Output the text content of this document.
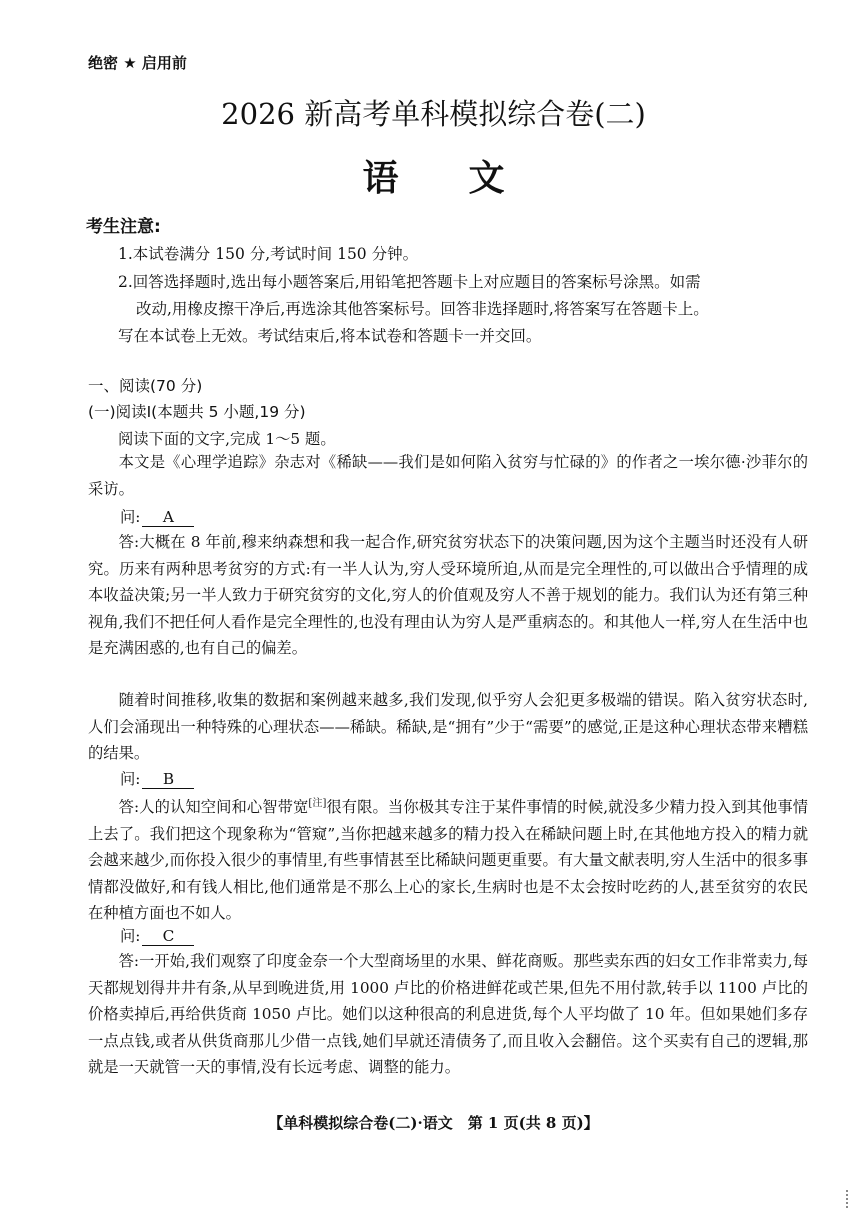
绝密 ★ 启用前
2026 新高考单科模拟综合卷(二)
语文
考生注意:
1.本试卷满分 150 分,考试时间 150 分钟。
2.回答选择题时,选出每小题答案后,用铅笔把答题卡上对应题目的答案标号涂黑。如需
改动,用橡皮擦干净后,再选涂其他答案标号。回答非选择题时,将答案写在答题卡上。
写在本试卷上无效。考试结束后,将本试卷和答题卡一并交回。
一、阅读(70 分)
(一)阅读Ⅰ(本题共 5 小题,19 分)
阅读下面的文字,完成 1～5 题。

本文是《心理学追踪》杂志对《稀缺——我们是如何陷入贫穷与忙碌的》的作者之一埃尔德·沙菲尔的采访。

问: A

答:大概在 8 年前,穆来纳森想和我一起合作,研究贫穷状态下的决策问题,因为这个主题当时还没有人研究。历来有两种思考贫穷的方式:有一半人认为,穷人受环境所迫,从而是完全理性的,可以做出合乎情理的成本收益决策;另一半人致力于研究贫穷的文化,穷人的价值观及穷人不善于规划的能力。我们认为还有第三种视角,我们不把任何人看作是完全理性的,也没有理由认为穷人是严重病态的。和其他人一样,穷人在生活中也是充满困惑的,也有自己的偏差。

随着时间推移,收集的数据和案例越来越多,我们发现,似乎穷人会犯更多极端的错误。陷入贫穷状态时,人们会涌现出一种特殊的心理状态——稀缺。稀缺,是“拥有”少于“需要”的感觉,正是这种心理状态带来糟糕的结果。

问: B

答:人的认知空间和心智带宽[注]很有限。当你极其专注于某件事情的时候,就没多少精力投入到其他事情上去了。我们把这个现象称为“管窥”,当你把越来越多的精力投入在稀缺问题上时,在其他地方投入的精力就会越来越少,而你投入很少的事情里,有些事情甚至比稀缺问题更重要。有大量文献表明,穷人生活中的很多事情都没做好,和有钱人相比,他们通常是不那么上心的家长,生病时也是不太会按时吃药的人,甚至贫穷的农民在种植方面也不如人。

问: C

答:一开始,我们观察了印度金奈一个大型商场里的水果、鲜花商贩。那些卖东西的妇女工作非常卖力,每天都规划得井井有条,从早到晚进货,用 1000 卢比的价格进鲜花或芒果,但先不用付款,转手以 1100 卢比的价格卖掉后,再给供货商 1050 卢比。她们以这种很高的利息进货,每个人平均做了 10 年。但如果她们多存一点点钱,或者从供货商那儿少借一点钱,她们早就还清债务了,而且收入会翻倍。这个买卖有自己的逻辑,那就是一天就管一天的事情,没有长远考虑、调整的能力。

【单科模拟综合卷(二)·语文　第 1 页(共 8 页)】
